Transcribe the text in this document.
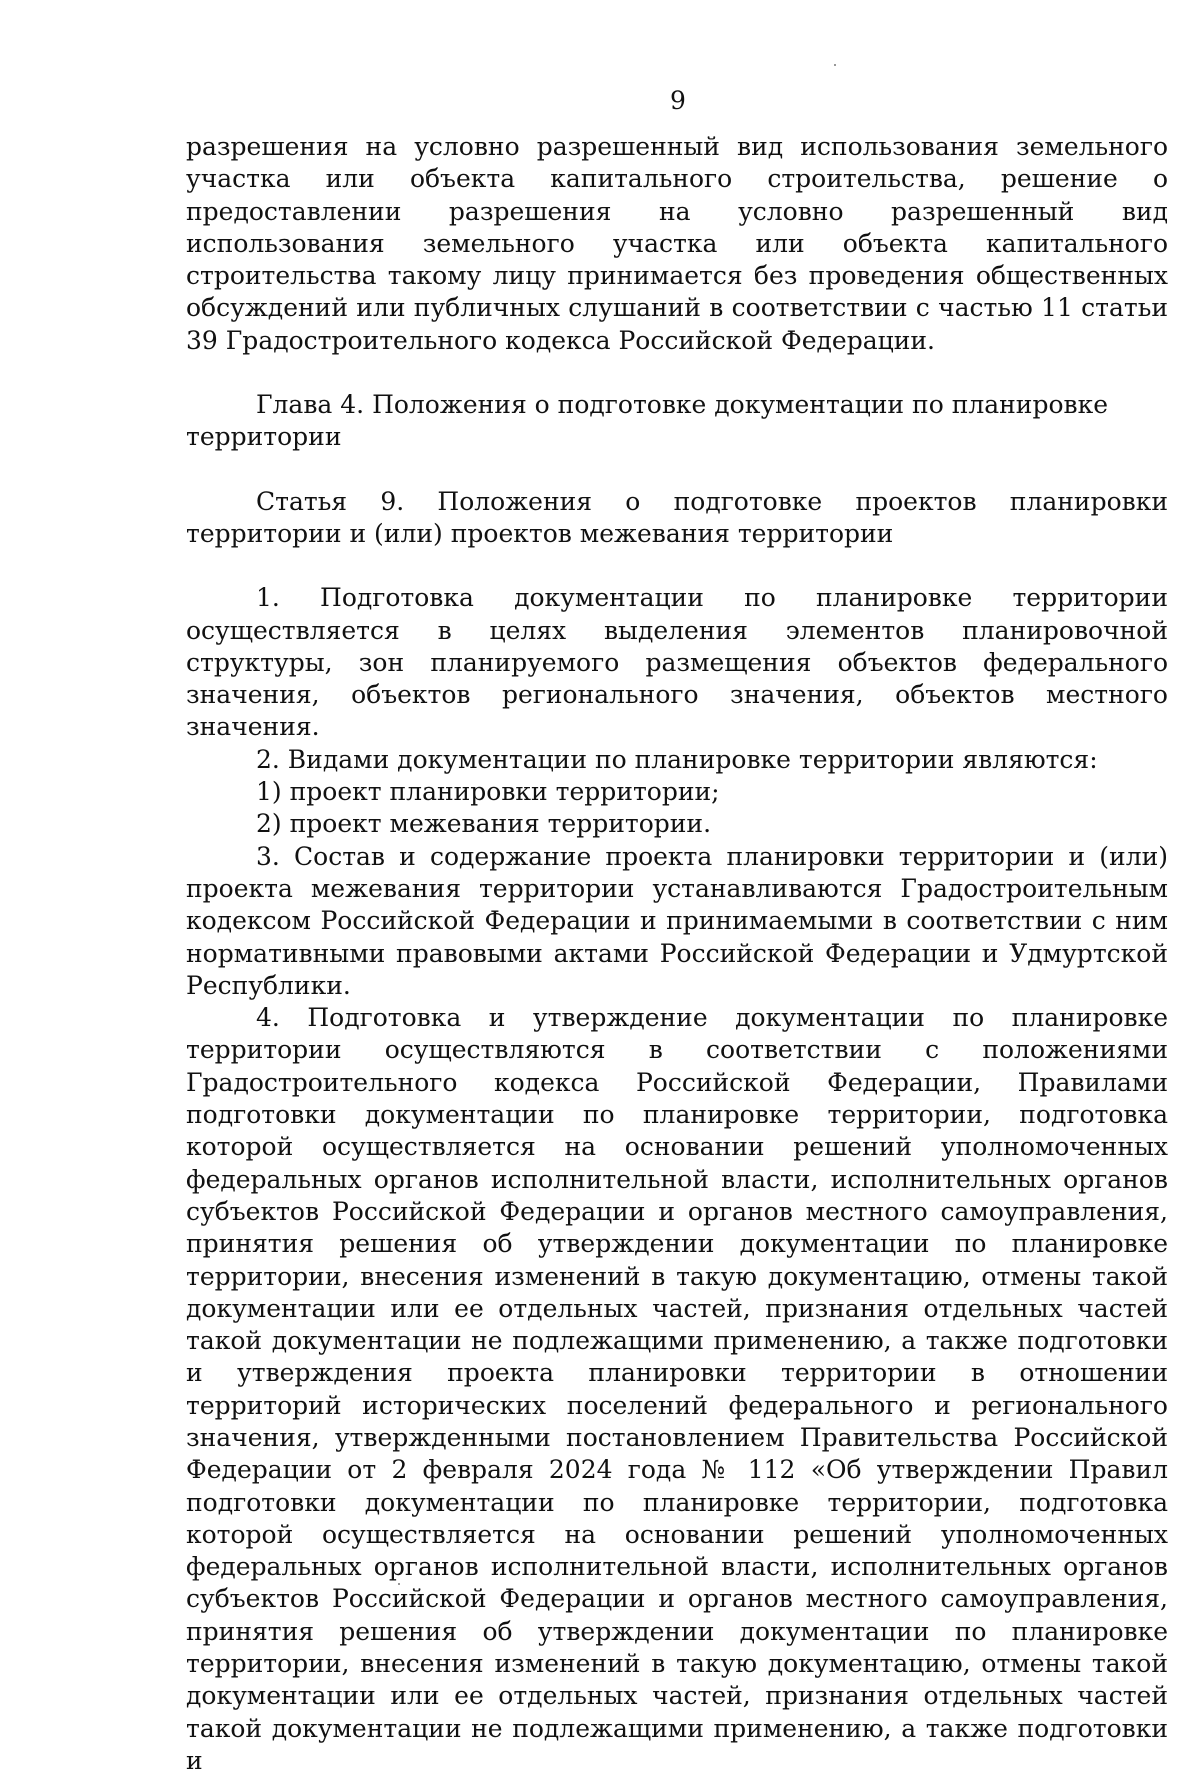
9

разрешения на условно разрешенный вид использования земельного участка или объекта капитального строительства, решение о предоставлении разрешения на условно разрешенный вид использования земельного участка или объекта капитального строительства такому лицу принимается без проведения общественных обсуждений или публичных слушаний в соответствии с частью 11 статьи 39 Градостроительного кодекса Российской Федерации.

Глава 4. Положения о подготовке документации по планировке территории

Статья 9. Положения о подготовке проектов планировки территории и (или) проектов межевания территории

1. Подготовка документации по планировке территории осуществляется в целях выделения элементов планировочной структуры, зон планируемого размещения объектов федерального значения, объектов регионального значения, объектов местного значения.

2. Видами документации по планировке территории являются:

1) проект планировки территории;

2) проект межевания территории.

3. Состав и содержание проекта планировки территории и (или) проекта межевания территории устанавливаются Градостроительным кодексом Российской Федерации и принимаемыми в соответствии с ним нормативными правовыми актами Российской Федерации и Удмуртской Республики.

4. Подготовка и утверждение документации по планировке территории осуществляются в соответствии с положениями Градостроительного кодекса Российской Федерации, Правилами подготовки документации по планировке территории, подготовка которой осуществляется на основании решений уполномоченных федеральных органов исполнительной власти, исполнительных органов субъектов Российской Федерации и органов местного самоуправления, принятия решения об утверждении документации по планировке территории, внесения изменений в такую документацию, отмены такой документации или ее отдельных частей, признания отдельных частей такой документации не подлежащими применению, а также подготовки и утверждения проекта планировки территории в отношении территорий исторических поселений федерального и регионального значения, утвержденными постановлением Правительства Российской Федерации от 2 февраля 2024 года № 112 «Об утверждении Правил подготовки документации по планировке территории, подготовка которой осуществляется на основании решений уполномоченных федеральных органов исполнительной власти, исполнительных органов субъектов Российской Федерации и органов местного самоуправления, принятия решения об утверждении документации по планировке территории, внесения изменений в такую документацию, отмены такой документации или ее отдельных частей, признания отдельных частей такой документации не подлежащими применению, а также подготовки и
